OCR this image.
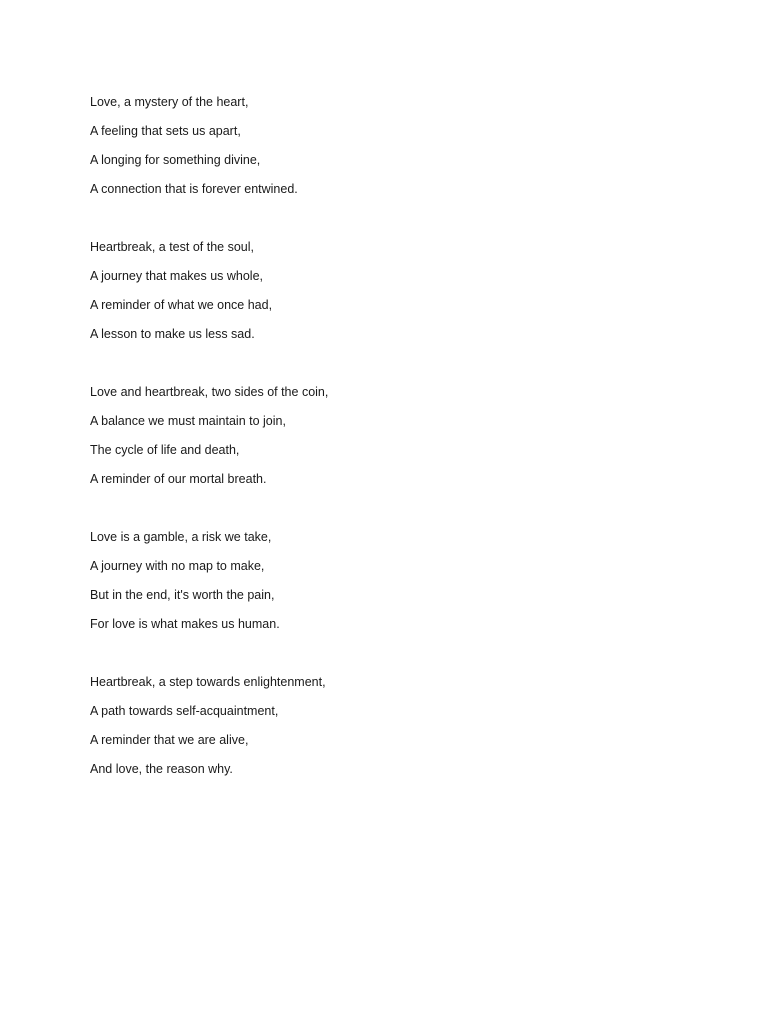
Love, a mystery of the heart,
A feeling that sets us apart,
A longing for something divine,
A connection that is forever entwined.
Heartbreak, a test of the soul,
A journey that makes us whole,
A reminder of what we once had,
A lesson to make us less sad.
Love and heartbreak, two sides of the coin,
A balance we must maintain to join,
The cycle of life and death,
A reminder of our mortal breath.
Love is a gamble, a risk we take,
A journey with no map to make,
But in the end, it's worth the pain,
For love is what makes us human.
Heartbreak, a step towards enlightenment,
A path towards self-acquaintment,
A reminder that we are alive,
And love, the reason why.
